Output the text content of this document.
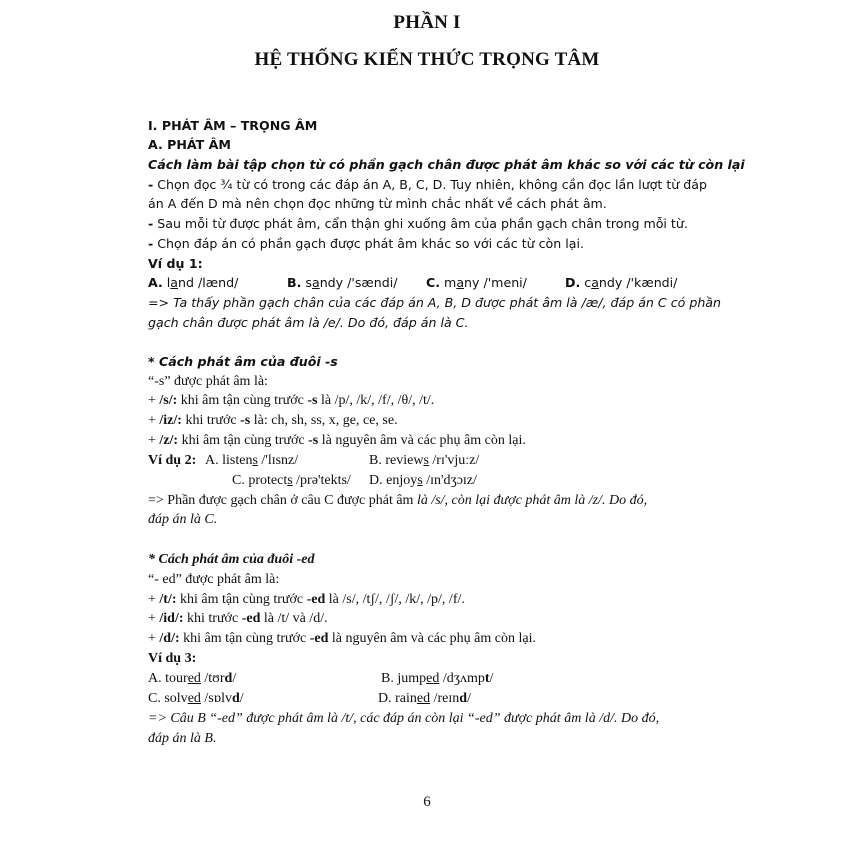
PHẦN I
HỆ THỐNG KIẾN THỨC TRỌNG TÂM
I. PHÁT ÂM – TRỌNG ÂM
A. PHÁT ÂM
Cách làm bài tập chọn từ có phần gạch chân được phát âm khác so với các từ còn lại
- Chọn đọc ¾ từ có trong các đáp án A, B, C, D. Tuy nhiên, không cần đọc lần lượt từ đáp
án A đến D mà nên chọn đọc những từ mình chắc nhất về cách phát âm.
- Sau mỗi từ được phát âm, cẩn thận ghi xuống âm của phần gạch chân trong mỗi từ.
- Chọn đáp án có phần gạch được phát âm khác so với các từ còn lại.
Ví dụ 1:
A. land /lænd/	B. sandy /'sændi/ C. many /'meni/	D. candy /'kændi/
=> Ta thấy phần gạch chân của các đáp án A, B, D được phát âm là /æ/, đáp án C có phần
gạch chân được phát âm là /e/. Do đó, đáp án là C.
* Cách phát âm của đuôi -s
“-s” được phát âm là:
+ /s/: khi âm tận cùng trước -s là /p/, /k/, /f/, /θ/, /t/.
+ /iz/: khi trước -s là: ch, sh, ss, x, ge, ce, se.
+ /z/: khi âm tận cùng trước -s là nguyên âm và các phụ âm còn lại.
Ví dụ 2: A. listens /'lɪsnz/	B. reviews /rɪ'vjuːz/
C. protects /prə'tekts/ D. enjoys /ɪn'dʒɔɪz/
=> Phần được gạch chân ở câu C được phát âm là /s/, còn lại được phát âm là /z/. Do đó,
đáp án là C.
* Cách phát âm của đuôi -ed
“- ed” được phát âm là:
+ /t/: khi âm tận cùng trước -ed là /s/, /tʃ/, /ʃ/, /k/, /p/, /f/.
+ /id/: khi trước -ed là /t/ và /d/.
+ /d/: khi âm tận cùng trước -ed là nguyên âm và các phụ âm còn lại.
Ví dụ 3:
A. toured /tʊrd/	B. jumped /dʒʌmpt/
C. solved /sɒlvd/	D. rained /reɪnd/
=> Câu B “-ed” được phát âm là /t/, các đáp án còn lại “-ed” được phát âm là /d/. Do đó,
đáp án là B.
6
